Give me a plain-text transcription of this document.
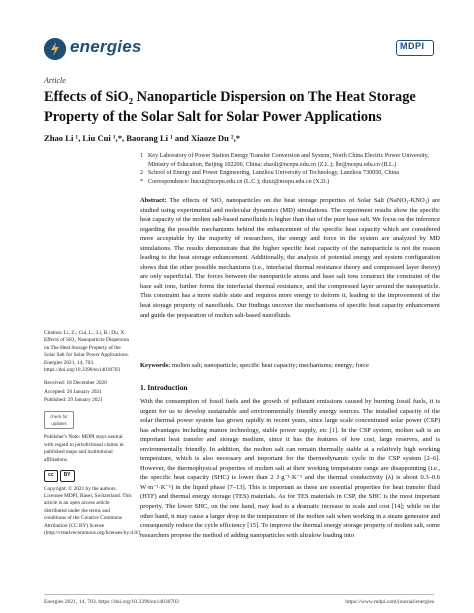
energies	MDPI
Article
Effects of SiO₂ Nanoparticle Dispersion on The Heat Storage Property of the Solar Salt for Solar Power Applications
Zhao Li ¹, Liu Cui ¹,*, Baorang Li ¹ and Xiaoze Du ²,*
1 Key Laboratory of Power Station Energy Transfer Conversion and System, North China Electric Power University, Ministry of Education, Beijing 102206, China; zhaoli@ncepu.edu.cn (Z.L.); lbr@ncepu.edu.cn (B.L.)
2 School of Energy and Power Engineering, Lanzhou University of Technology, Lanzhou 730050, China
* Correspondence: liucui@ncepu.edu.cn (L.C.); duxz@ncepu.edu.cn (X.D.)
Abstract: The effects of SiO₂ nanoparticles on the heat storage properties of Solar Salt (NaNO₃-KNO₃) are studied using experimental and molecular dynamics (MD) simulations. The experiment results show the specific heat capacity of the molten salt-based nanofluids is higher than that of the pure base salt. We focus on the inference regarding the possible mechanisms behind the enhancement of the specific heat capacity which are considered more acceptable by the majority of researchers, the energy and force in the system are analyzed by MD simulations. The results demonstrate that the higher specific heat capacity of the nanoparticle is not the reason leading to the heat storage enhancement. Additionally, the analysis of potential energy and system configuration shows that the other possible mechanisms (i.e., interfacial thermal resistance theory and compressed layer theory) are only superficial. The forces between the nanoparticle atoms and base salt ions construct the constraint of the base salt ions, further forms the interfacial thermal resistance, and the compressed layer around the nanoparticle. This constraint has a more stable state and requires more energy to deform it, leading to the improvement of the heat storage property of nanofluids. Our findings uncover the mechanisms of specific heat capacity enhancement and guide the preparation of molten salt-based nanofluids.
Keywords: molten salt; nanoparticle; specific heat capacity; mechanisms; energy; force

Citation: Li, Z.; Cui, L.; Li, B.; Du, X. Effects of SiO₂ Nanoparticle Dispersion on The Heat Storage Property of the Solar Salt for Solar Power Applications. Energies 2021, 14, 703. https://doi.org/10.3390/en14030703

Received: 18 December 2020

Accepted: 26 January 2021

Published: 29 January 2021

check for updates

Publisher's Note: MDPI stays neutral with regard to jurisdictional claims in published maps and institutional affiliations.

cc	BY

Copyright: © 2021 by the authors. Licensee MDPI, Basel, Switzerland. This article is an open access article distributed under the terms and conditions of the Creative Commons Attribution (CC BY) license (http://creativecommons.org/licenses/by/4.0/).

1. Introduction
With the consumption of fossil fuels and the growth of pollutant emissions caused by burning fossil fuels, it is urgent for us to develop sustainable and environmentally friendly energy sources. The installed capacity of the solar thermal power system has grown rapidly in recent years, since large scale concentrated solar power (CSP) has advantages including mature technology, stable power supply, etc [1]. In the CSP system, molten salt is an important heat transfer and storage medium, since it has the features of low cost, large reserves, and is environmentally friendly. In addition, the molten salt can remain thermally stable at a relatively high working temperature, which is also necessary and important for the thermodynamic cycle in the CSP system [2–6]. However, the thermophysical properties of molten salt at their working temperature range are disappointing (i.e., the specific heat capacity (SHC) is lower than 2 J·g⁻¹·K⁻¹ and the thermal conductivity (λ) is about 0.3–0.6 W·m⁻¹·K⁻¹) in the liquid phase [7–13]. This is important as these are essential properties for heat transfer fluid (HTF) and thermal energy storage (TES) materials. As for TES materials in CSP, the SHC is the most important property. The lower SHC, on the one hand, may lead to a dramatic increase in scale and cost [14]; while on the other hand, it may cause a larger drop in the temperature of the molten salt when working in a steam generator and consequently reduce the cycle efficiency [15]. To improve the thermal energy storage property of molten salt, some researchers propose the method of adding nanoparticles with ultralow loading into
Energies 2021, 14, 703. https://doi.org/10.3390/en14030703	https://www.mdpi.com/journal/energies
